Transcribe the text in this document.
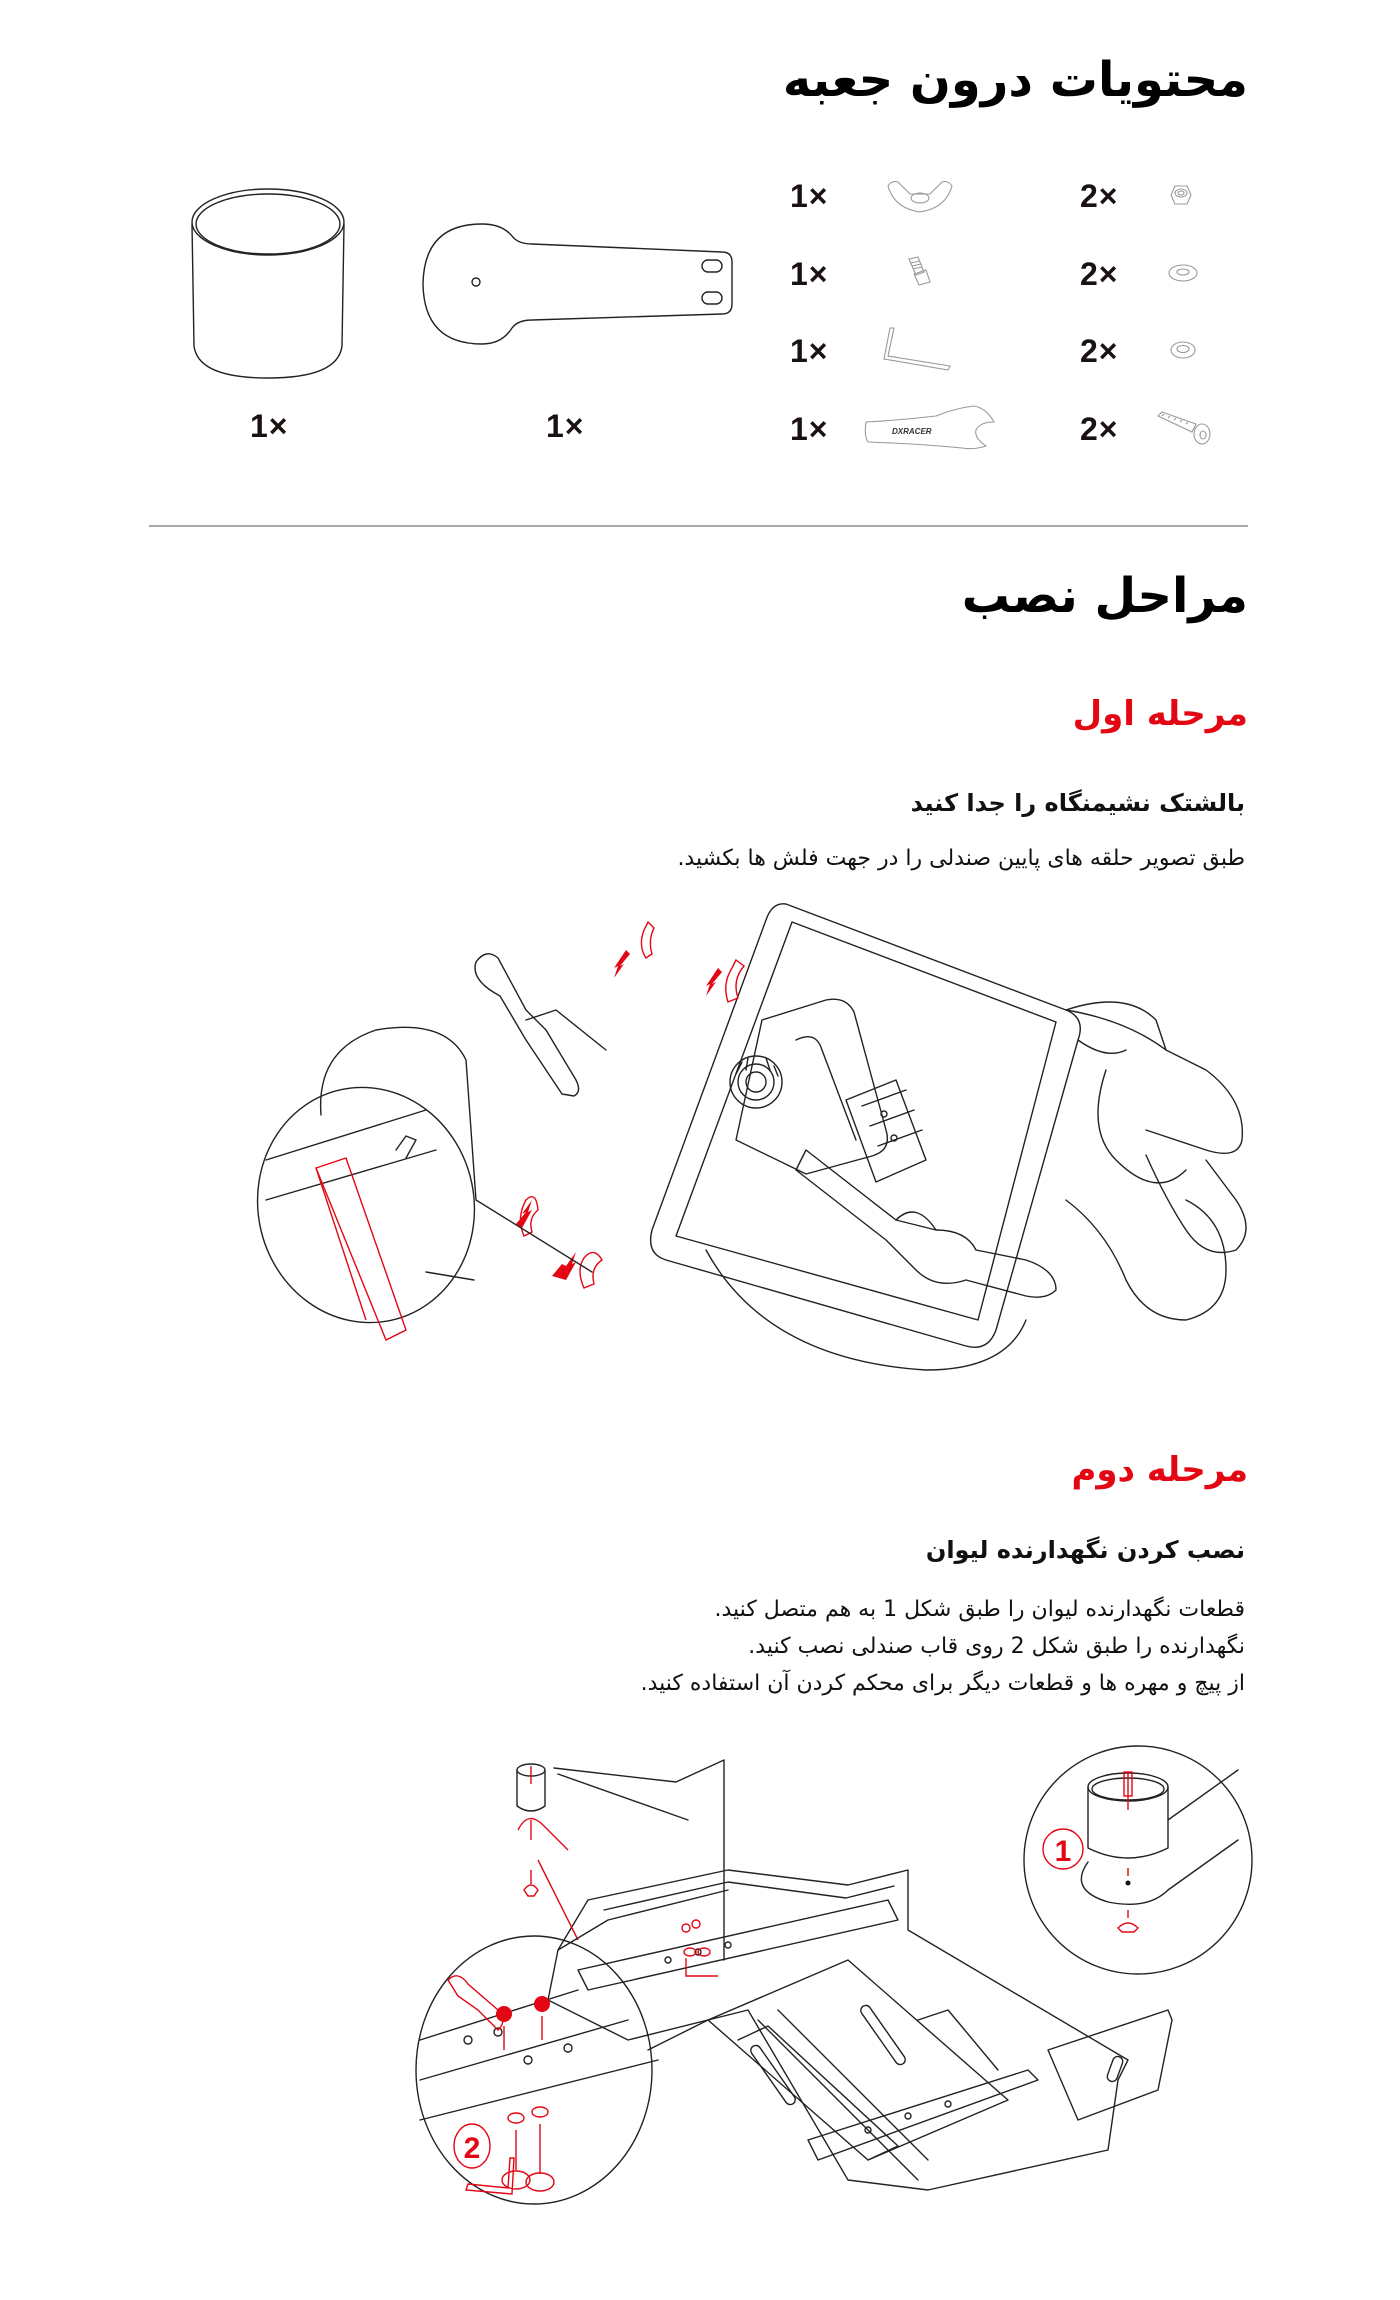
محتویات درون جعبه
1×	1×
1×
1×
1×
1×	DXRACER
2×
2×
2×
2×
مراحل نصب
مرحله اول
بالشتک نشیمنگاه را جدا کنید
طبق تصویر حلقه های پایین صندلی را در جهت فلش ها بکشید.
مرحله دوم
نصب کردن نگهدارنده لیوان
قطعات نگهدارنده لیوان را طبق شکل 1 به هم متصل کنید.
نگهدارنده را طبق شکل 2 روی قاب صندلی نصب کنید.
از پیچ و مهره ها و قطعات دیگر برای محکم کردن آن استفاده کنید.
1
2
